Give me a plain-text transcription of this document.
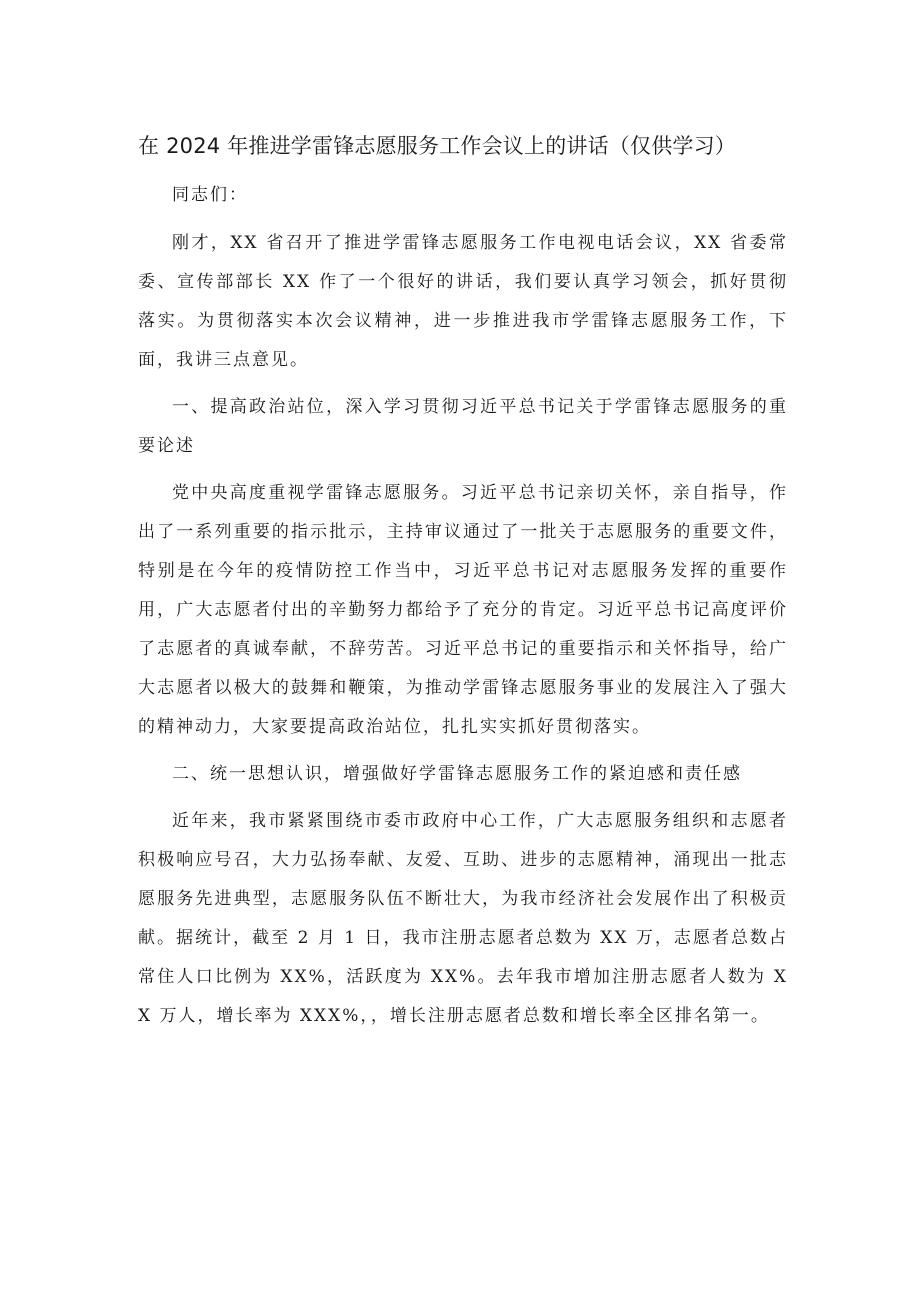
在 2024 年推进学雷锋志愿服务工作会议上的讲话（仅供学习）

同志们：

刚才，XX 省召开了推进学雷锋志愿服务工作电视电话会议，XX 省委常委、宣传部部长 XX 作了一个很好的讲话，我们要认真学习领会，抓好贯彻落实。为贯彻落实本次会议精神，进一步推进我市学雷锋志愿服务工作，下面，我讲三点意见。

一、提高政治站位，深入学习贯彻习近平总书记关于学雷锋志愿服务的重要论述

党中央高度重视学雷锋志愿服务。习近平总书记亲切关怀，亲自指导，作出了一系列重要的指示批示，主持审议通过了一批关于志愿服务的重要文件，特别是在今年的疫情防控工作当中，习近平总书记对志愿服务发挥的重要作用，广大志愿者付出的辛勤努力都给予了充分的肯定。习近平总书记高度评价了志愿者的真诚奉献，不辞劳苦。习近平总书记的重要指示和关怀指导，给广大志愿者以极大的鼓舞和鞭策，为推动学雷锋志愿服务事业的发展注入了强大的精神动力，大家要提高政治站位，扎扎实实抓好贯彻落实。

二、统一思想认识，增强做好学雷锋志愿服务工作的紧迫感和责任感

近年来，我市紧紧围绕市委市政府中心工作，广大志愿服务组织和志愿者积极响应号召，大力弘扬奉献、友爱、互助、进步的志愿精神，涌现出一批志愿服务先进典型，志愿服务队伍不断壮大，为我市经济社会发展作出了积极贡献。据统计，截至 2 月 1 日，我市注册志愿者总数为 XX 万，志愿者总数占常住人口比例为 XX%，活跃度为 XX%。去年我市增加注册志愿者人数为 XX 万人，增长率为 XXX%，，增长注册志愿者总数和增长率全区排名第一。
